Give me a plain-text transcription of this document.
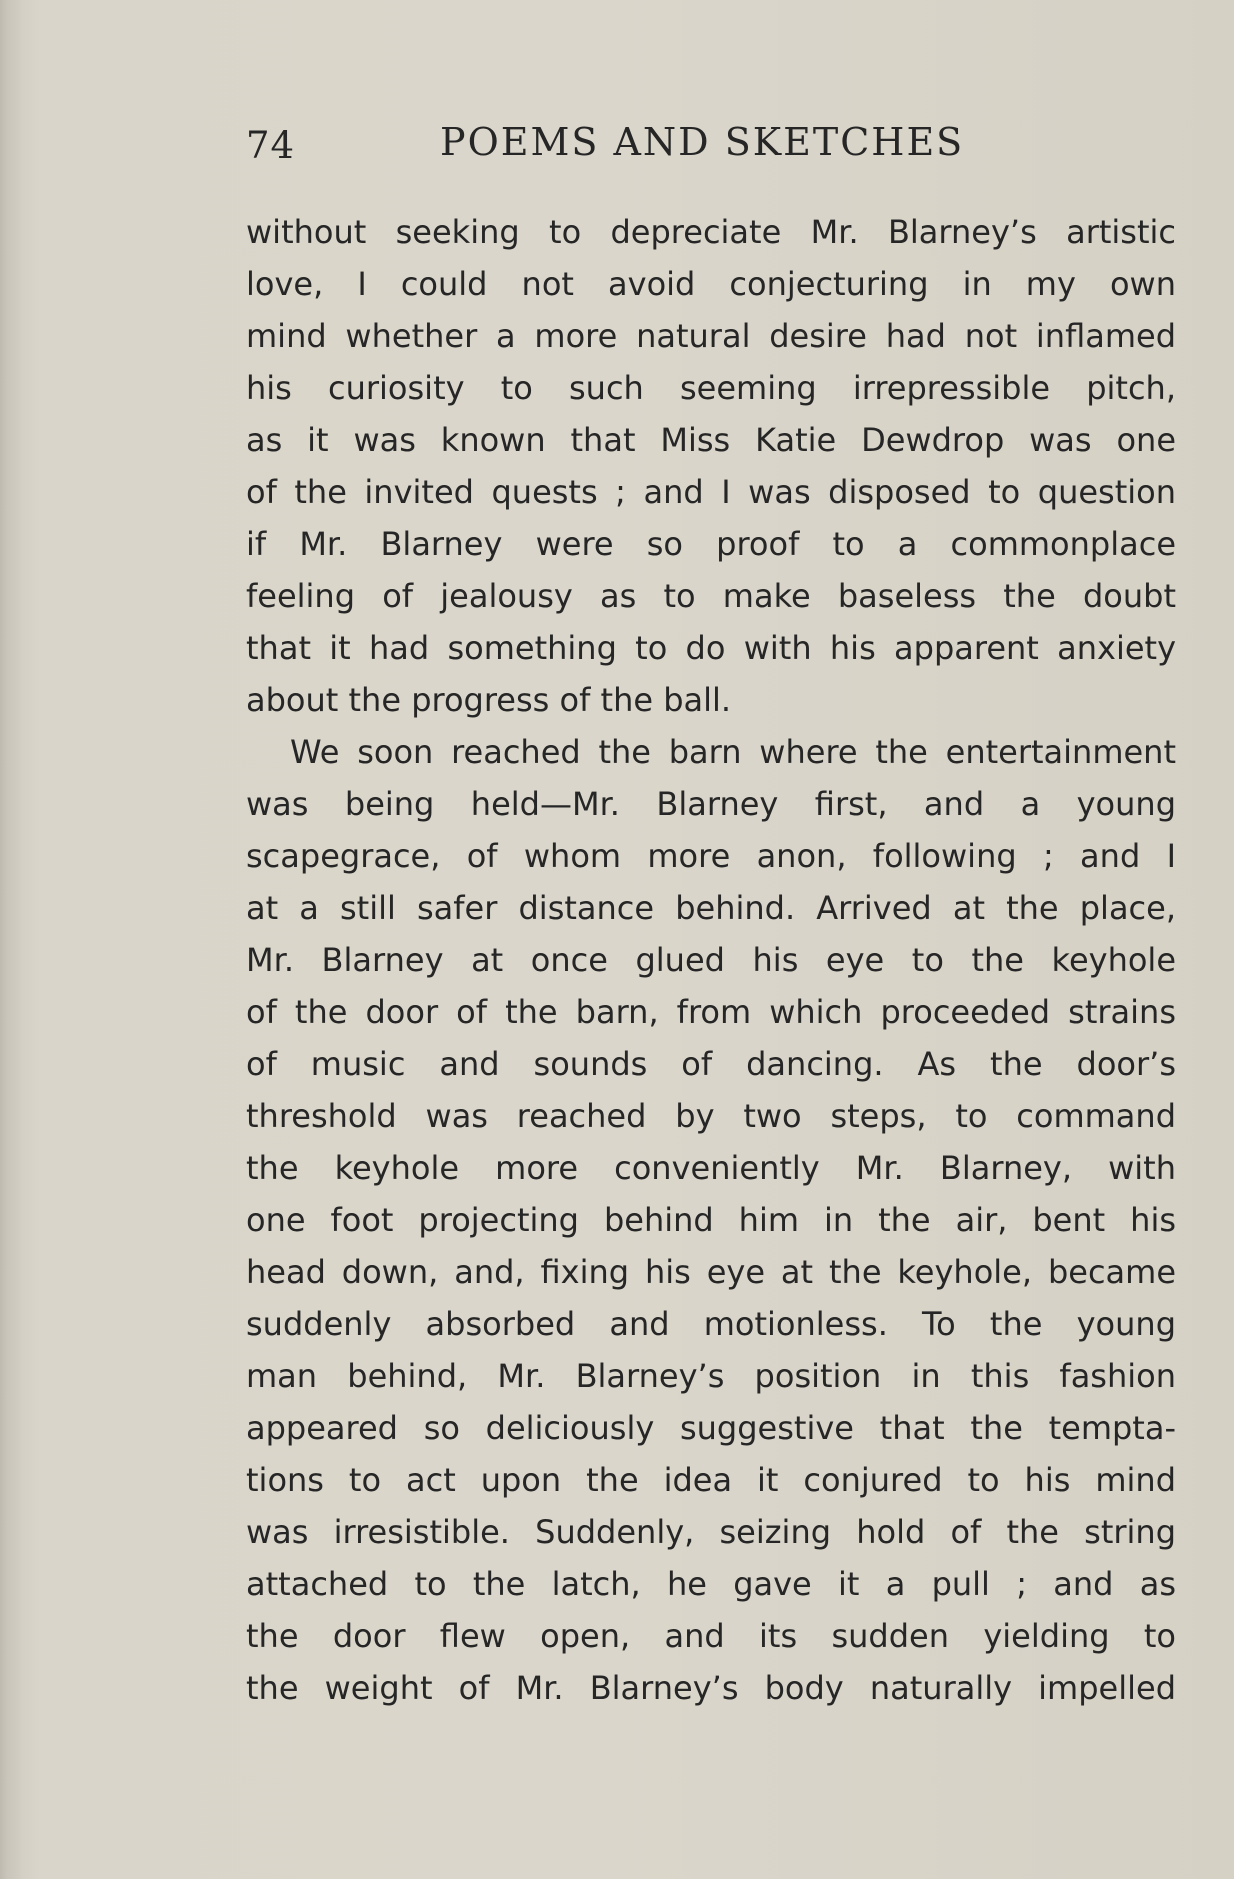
74	POEMS AND SKETCHES
without seeking to depreciate Mr. Blarney’s artistic
love, I could not avoid conjecturing in my own
mind whether a more natural desire had not inflamed
his curiosity to such seeming irrepressible pitch,
as it was known that Miss Katie Dewdrop was one
of the invited quests ; and I was disposed to question
if Mr. Blarney were so proof to a commonplace
feeling of jealousy as to make baseless the doubt
that it had something to do with his apparent anxiety
about the progress of the ball.
We soon reached the barn where the entertainment
was being held—Mr. Blarney first, and a young
scapegrace, of whom more anon, following ; and I
at a still safer distance behind. Arrived at the place,
Mr. Blarney at once glued his eye to the keyhole
of the door of the barn, from which proceeded strains
of music and sounds of dancing. As the door’s
threshold was reached by two steps, to command
the keyhole more conveniently Mr. Blarney, with
one foot projecting behind him in the air, bent his
head down, and, fixing his eye at the keyhole, became
suddenly absorbed and motionless. To the young
man behind, Mr. Blarney’s position in this fashion
appeared so deliciously suggestive that the tempta-
tions to act upon the idea it conjured to his mind
was irresistible. Suddenly, seizing hold of the string
attached to the latch, he gave it a pull ; and as
the door flew open, and its sudden yielding to
the weight of Mr. Blarney’s body naturally impelled
